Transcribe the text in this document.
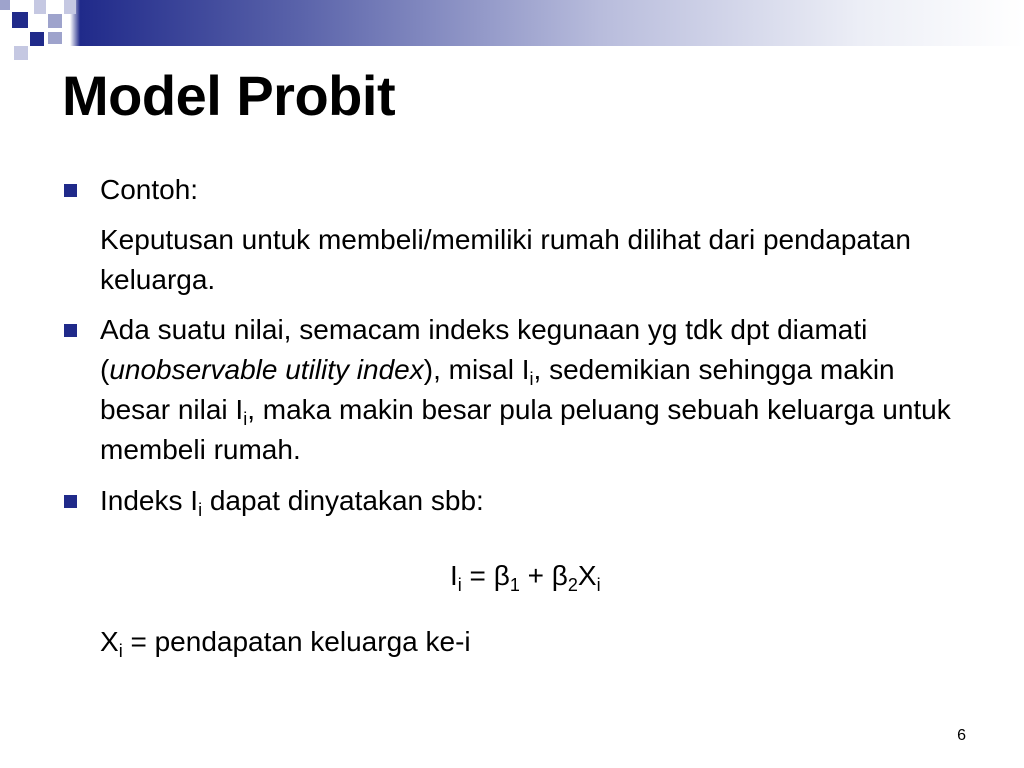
Model Probit

Contoh:

Keputusan untuk membeli/memiliki rumah dilihat dari pendapatan keluarga.

Ada suatu nilai, semacam indeks kegunaan yg tdk dpt diamati (unobservable utility index), misal $I_i$, sedemikian sehingga makin besar nilai $I_i$, maka makin besar pula peluang sebuah keluarga untuk membeli rumah.

Indeks $I_i$ dapat dinyatakan sbb:

$I_i = \beta_1 + \beta_2X_i$
$X_i$ = pendapatan keluarga ke-i
6
